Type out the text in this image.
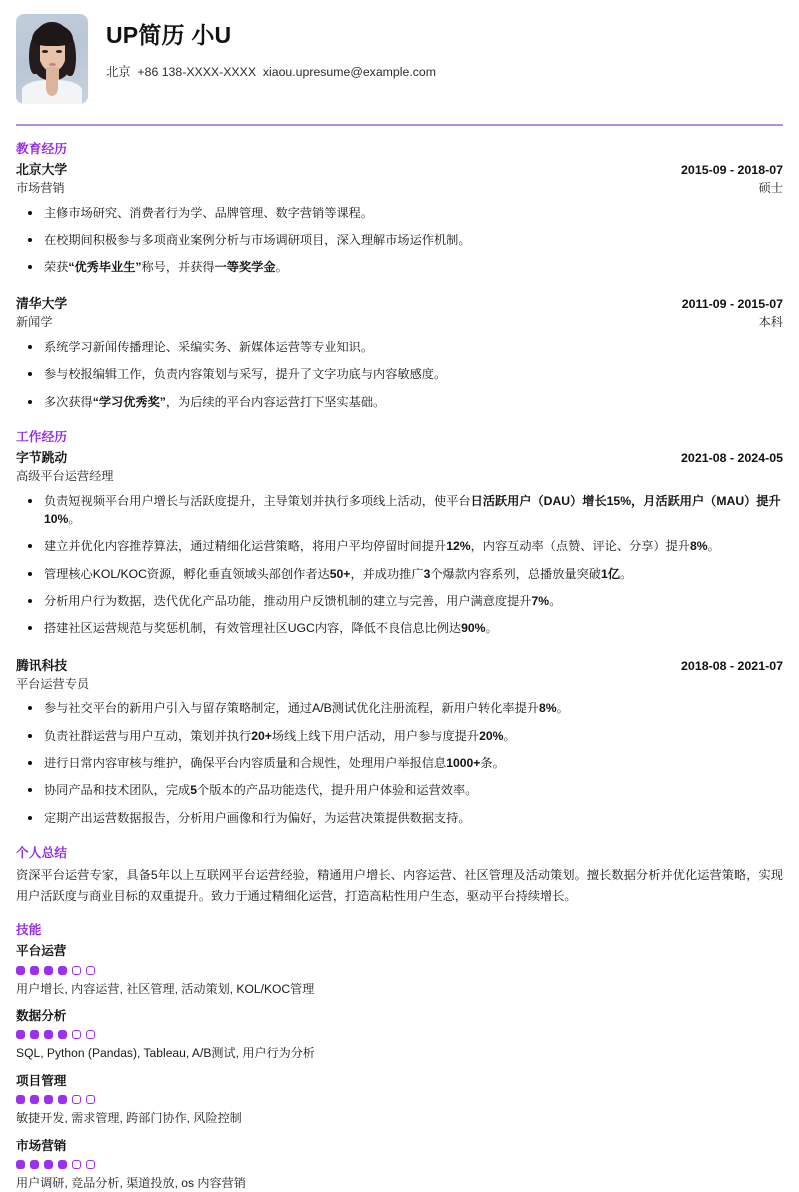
UP简历 小U
北京  +86 138-XXXX-XXXX  xiaou.upresume@example.com
教育经历
北京大学	2015-09 - 2018-07
市场营销	硕士
主修市场研究、消费者行为学、品牌管理、数字营销等课程。
在校期间积极参与多项商业案例分析与市场调研项目，深入理解市场运作机制。
荣获“优秀毕业生”称号，并获得一等奖学金。
清华大学	2011-09 - 2015-07
新闻学	本科
系统学习新闻传播理论、采编实务、新媒体运营等专业知识。
参与校报编辑工作，负责内容策划与采写，提升了文字功底与内容敏感度。
多次获得“学习优秀奖”，为后续的平台内容运营打下坚实基础。
工作经历
字节跳动	2021-08 - 2024-05
高级平台运营经理
负责短视频平台用户增长与活跃度提升，主导策划并执行多项线上活动，使平台日活跃用户（DAU）增长15%，月活跃用户（MAU）提升10%。
建立并优化内容推荐算法，通过精细化运营策略，将用户平均停留时间提升12%，内容互动率（点赞、评论、分享）提升8%。
管理核心KOL/KOC资源，孵化垂直领域头部创作者达50+，并成功推广3个爆款内容系列，总播放量突破1亿。
分析用户行为数据，迭代优化产品功能，推动用户反馈机制的建立与完善，用户满意度提升7%。
搭建社区运营规范与奖惩机制，有效管理社区UGC内容，降低不良信息比例达90%。
腾讯科技	2018-08 - 2021-07
平台运营专员
参与社交平台的新用户引入与留存策略制定，通过A/B测试优化注册流程，新用户转化率提升8%。
负责社群运营与用户互动，策划并执行20+场线上线下用户活动，用户参与度提升20%。
进行日常内容审核与维护，确保平台内容质量和合规性，处理用户举报信息1000+条。
协同产品和技术团队，完成5个版本的产品功能迭代，提升用户体验和运营效率。
定期产出运营数据报告，分析用户画像和行为偏好，为运营决策提供数据支持。
个人总结
资深平台运营专家，具备5年以上互联网平台运营经验，精通用户增长、内容运营、社区管理及活动策划。擅长数据分析并优化运营策略，实现用户活跃度与商业目标的双重提升。致力于通过精细化运营，打造高粘性用户生态，驱动平台持续增长。
技能
平台运营
用户增长, 内容运营, 社区管理, 活动策划, KOL/KOC管理
数据分析
SQL, Python (Pandas), Tableau, A/B测试, 用户行为分析
项目管理
敏捷开发, 需求管理, 跨部门协作, 风险控制
市场营销
用户调研, 竞品分析, 渠道投放, os 内容营销
